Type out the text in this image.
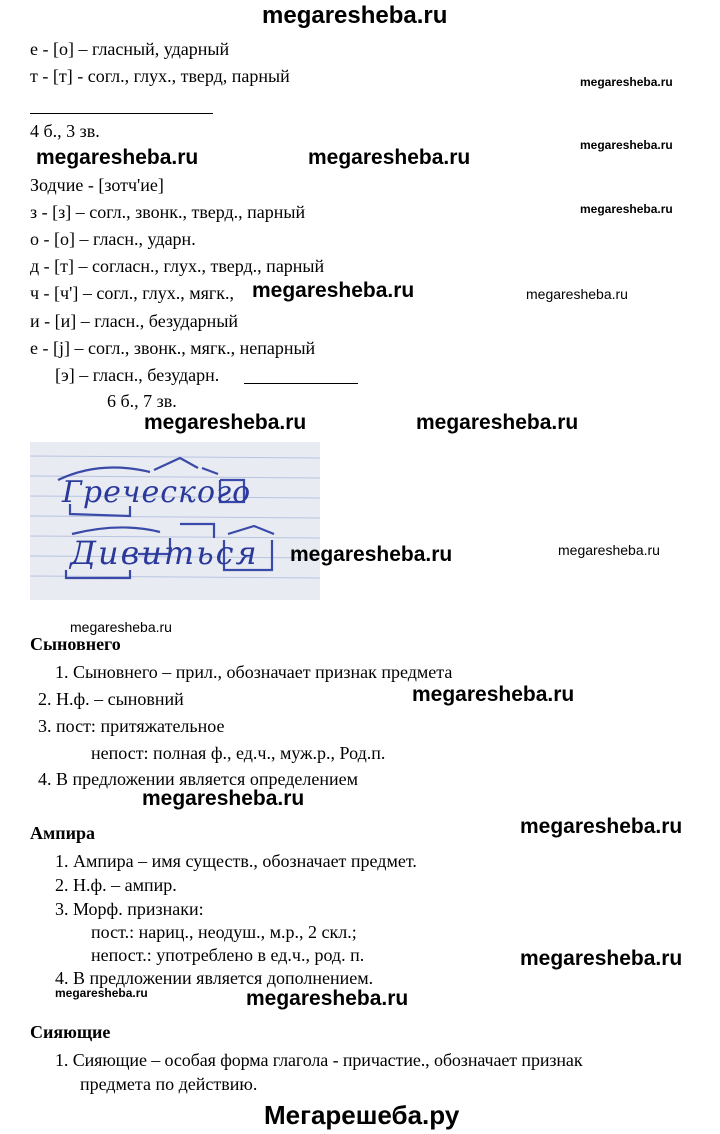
megaresheba.ru
е - [о] – гласный, ударный
т - [т] - согл., глух., тверд, парный
4 б., 3 зв.
Зодчие - [зотч'ие]
з - [з] – согл., звонк., тверд., парный
о - [о] – гласн., ударн.
д - [т] – согласн., глух., тверд., парный
ч - [ч'] – согл., глух., мягк.,
и - [и] – гласн., безударный
е - [j] – согл., звонк., мягк., непарный
[э] – гласн., безударн.
6 б., 7 зв.
Греческого
Дивиться
Сыновнего
1. Сыновнего – прил., обозначает признак предмета
2. Н.ф. – сыновний
3. пост: притяжательное
непост: полная ф., ед.ч., муж.р., Род.п.
4. В предложении является определением
Ампира
1. Ампира – имя существ., обозначает предмет.
2. Н.ф. – ампир.
3. Морф. признаки:
пост.: нариц., неодуш., м.р., 2 скл.;
непост.: употреблено в ед.ч., род. п.
4. В предложении является дополнением.
Сияющие
1. Сияющие – особая форма глагола - причастие., обозначает признак
предмета по действию.
megaresheba.ru
megaresheba.ru
megaresheba.ru	megaresheba.ru
megaresheba.ru
megaresheba.ru	megaresheba.ru
megaresheba.ru	megaresheba.ru
megaresheba.ru	megaresheba.ru
megaresheba.ru
megaresheba.ru
megaresheba.ru
megaresheba.ru
megaresheba.ru
megaresheba.ru	megaresheba.ru
Мегарешеба.ру
